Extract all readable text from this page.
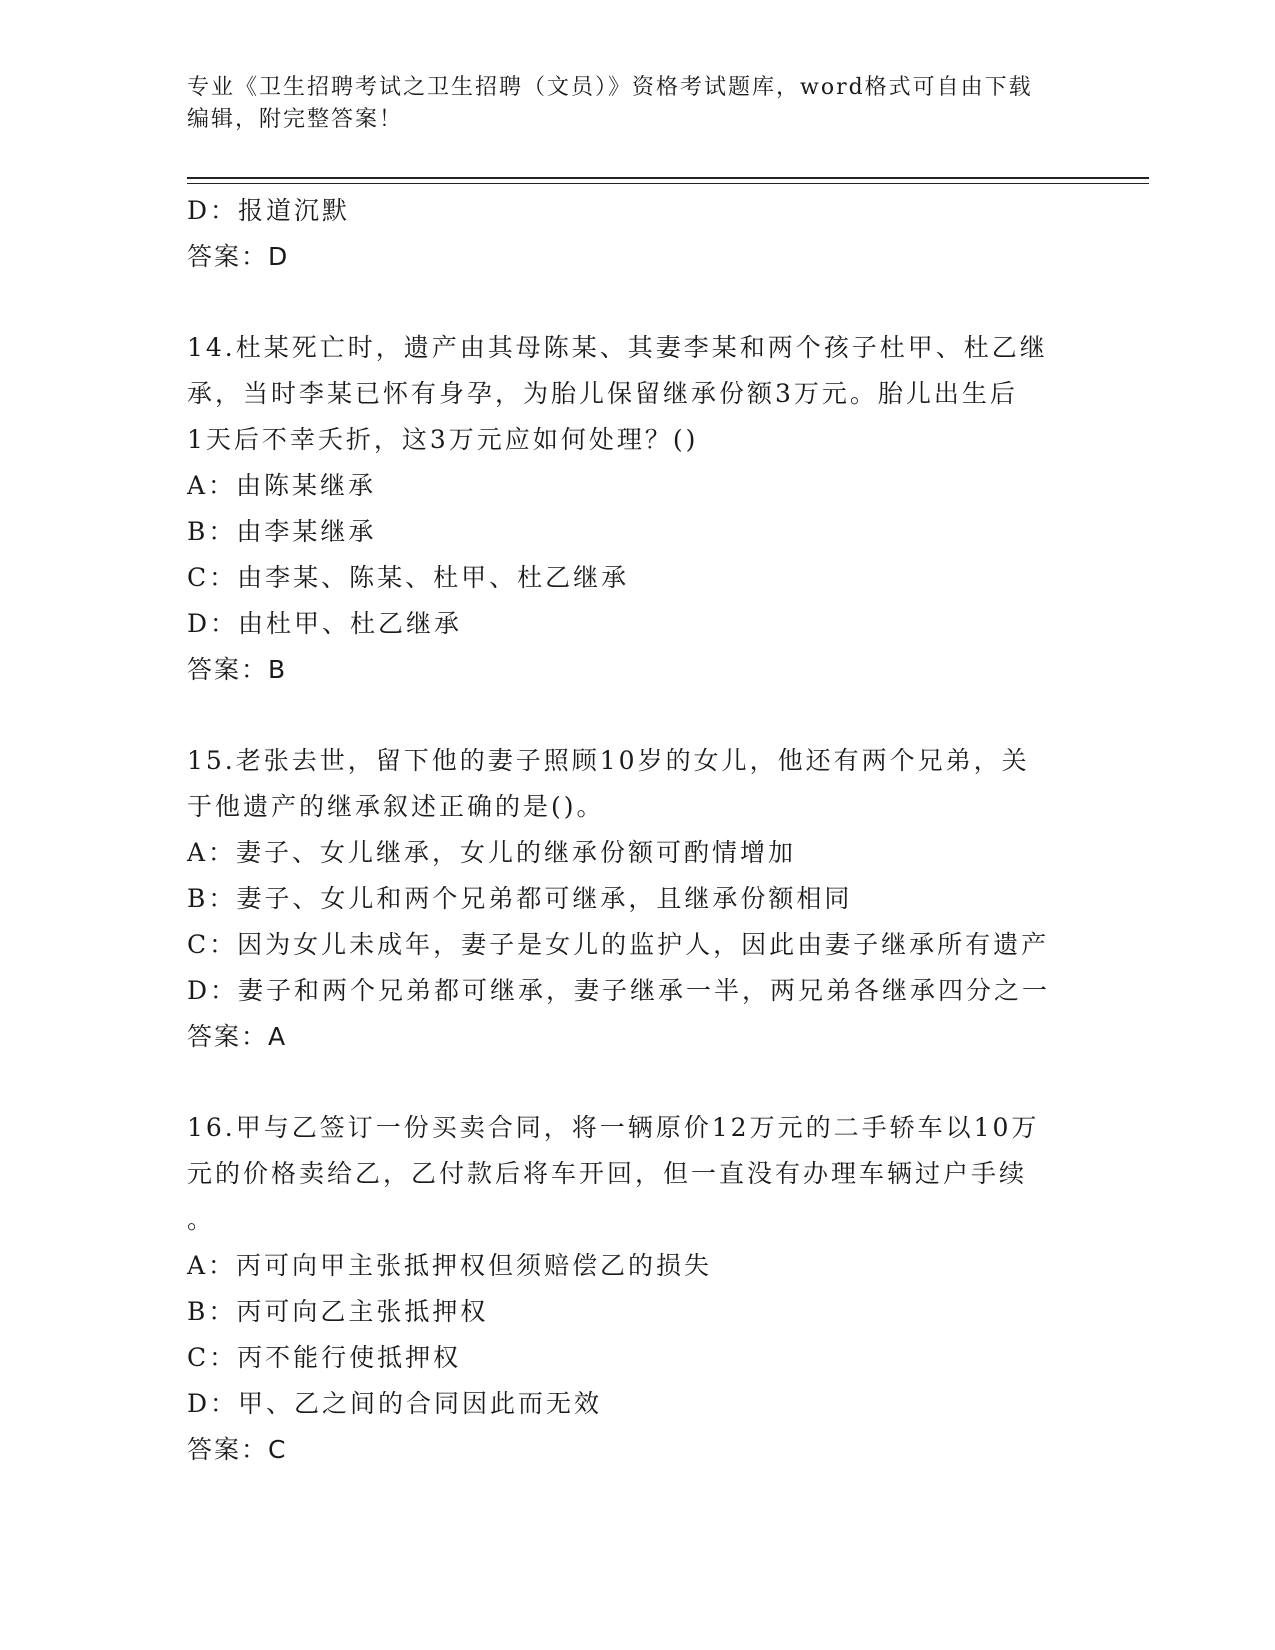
专业《卫生招聘考试之卫生招聘（文员）》资格考试题库，word格式可自由下载
编辑，附完整答案！
D：报道沉默
答案：D
14.杜某死亡时，遗产由其母陈某、其妻李某和两个孩子杜甲、杜乙继
承，当时李某已怀有身孕，为胎儿保留继承份额3万元。胎儿出生后
1天后不幸夭折，这3万元应如何处理？()
A：由陈某继承
B：由李某继承
C：由李某、陈某、杜甲、杜乙继承
D：由杜甲、杜乙继承
答案：B
15.老张去世，留下他的妻子照顾10岁的女儿，他还有两个兄弟，关
于他遗产的继承叙述正确的是()。
A：妻子、女儿继承，女儿的继承份额可酌情增加
B：妻子、女儿和两个兄弟都可继承，且继承份额相同
C：因为女儿未成年，妻子是女儿的监护人，因此由妻子继承所有遗产
D：妻子和两个兄弟都可继承，妻子继承一半，两兄弟各继承四分之一
答案：A
16.甲与乙签订一份买卖合同，将一辆原价12万元的二手轿车以10万
元的价格卖给乙，乙付款后将车开回，但一直没有办理车辆过户手续
。
A：丙可向甲主张抵押权但须赔偿乙的损失
B：丙可向乙主张抵押权
C：丙不能行使抵押权
D：甲、乙之间的合同因此而无效
答案：C
